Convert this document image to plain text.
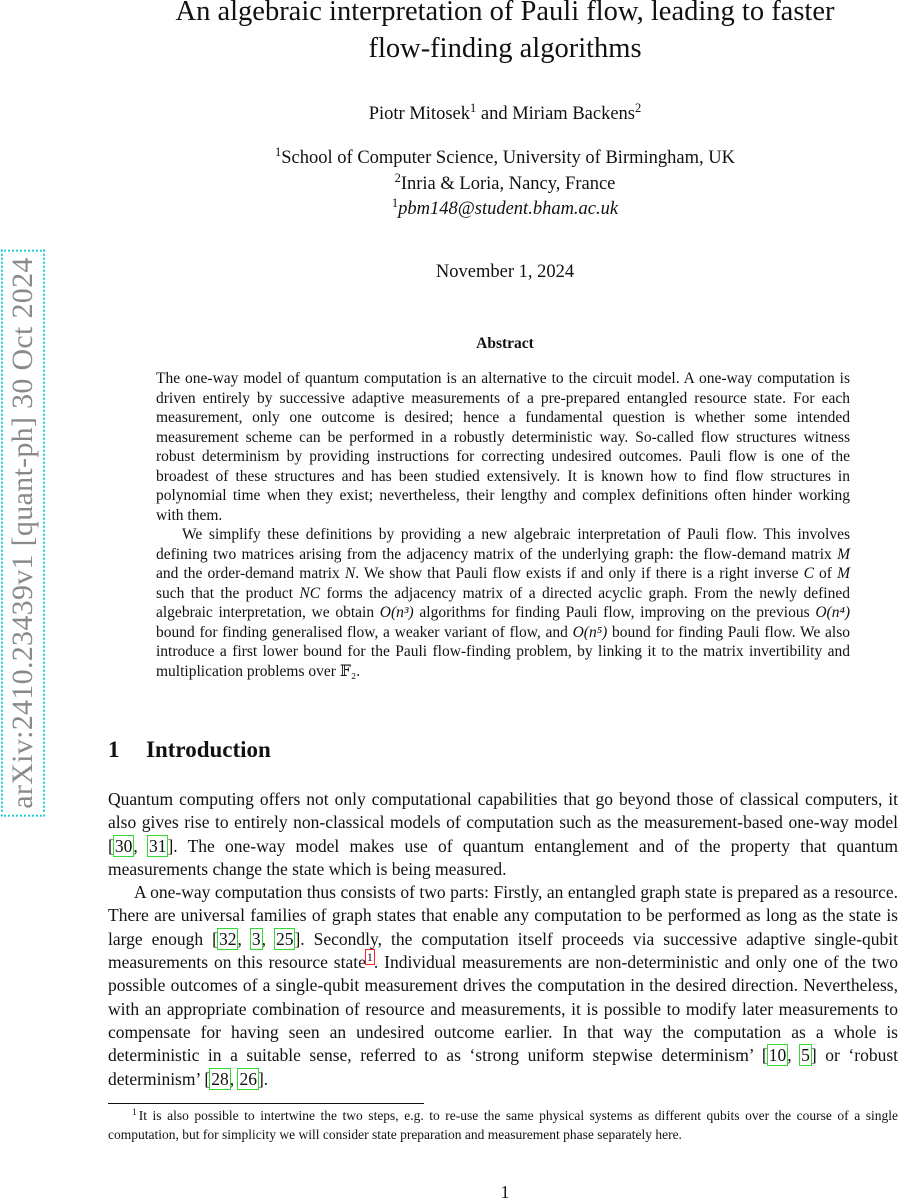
arXiv:2410.23439v1 [quant-ph] 30 Oct 2024
An algebraic interpretation of Pauli flow, leading to faster
flow-finding algorithms
Piotr Mitosek$^1$ and Miriam Backens$^2$
$^1$School of Computer Science, University of Birmingham, UK
$^2$Inria & Loria, Nancy, France
$^1$pbm148@student.bham.ac.uk
November 1, 2024
Abstract

The one-way model of quantum computation is an alternative to the circuit model. A one-way computation is driven entirely by successive adaptive measurements of a pre-prepared entangled resource state. For each measurement, only one outcome is desired; hence a fundamental question is whether some intended measurement scheme can be performed in a robustly deterministic way. So-called flow structures witness robust determinism by providing instructions for correcting undesired outcomes. Pauli flow is one of the broadest of these structures and has been studied extensively. It is known how to find flow structures in polynomial time when they exist; nevertheless, their lengthy and complex definitions often hinder working with them.

We simplify these definitions by providing a new algebraic interpretation of Pauli flow. This involves defining two matrices arising from the adjacency matrix of the underlying graph: the flow-demand matrix M and the order-demand matrix N. We show that Pauli flow exists if and only if there is a right inverse C of M such that the product NC forms the adjacency matrix of a directed acyclic graph. From the newly defined algebraic interpretation, we obtain O(n³) algorithms for finding Pauli flow, improving on the previous O(n⁴) bound for finding generalised flow, a weaker variant of flow, and O(n⁵) bound for finding Pauli flow. We also introduce a first lower bound for the Pauli flow-finding problem, by linking it to the matrix invertibility and multiplication problems over 𝔽₂.

1 Introduction

Quantum computing offers not only computational capabilities that go beyond those of classical computers, it also gives rise to entirely non-classical models of computation such as the measurement-based one-way model [30, 31]. The one-way model makes use of quantum entanglement and of the property that quantum measurements change the state which is being measured.

A one-way computation thus consists of two parts: Firstly, an entangled graph state is prepared as a resource. There are universal families of graph states that enable any computation to be performed as long as the state is large enough [32, 3, 25]. Secondly, the computation itself proceeds via successive adaptive single-qubit measurements on this resource state$^1$. Individual measurements are non-deterministic and only one of the two possible outcomes of a single-qubit measurement drives the computation in the desired direction. Nevertheless, with an appropriate combination of resource and measurements, it is possible to modify later measurements to compensate for having seen an undesired outcome earlier. In that way the computation as a whole is deterministic in a suitable sense, referred to as ‘strong uniform stepwise determinism’ [10, 5] or ‘robust determinism’ [28, 26].

$^1$ It is also possible to intertwine the two steps, e.g. to re-use the same physical systems as different qubits over the course of a single computation, but for simplicity we will consider state preparation and measurement phase separately here.
1
